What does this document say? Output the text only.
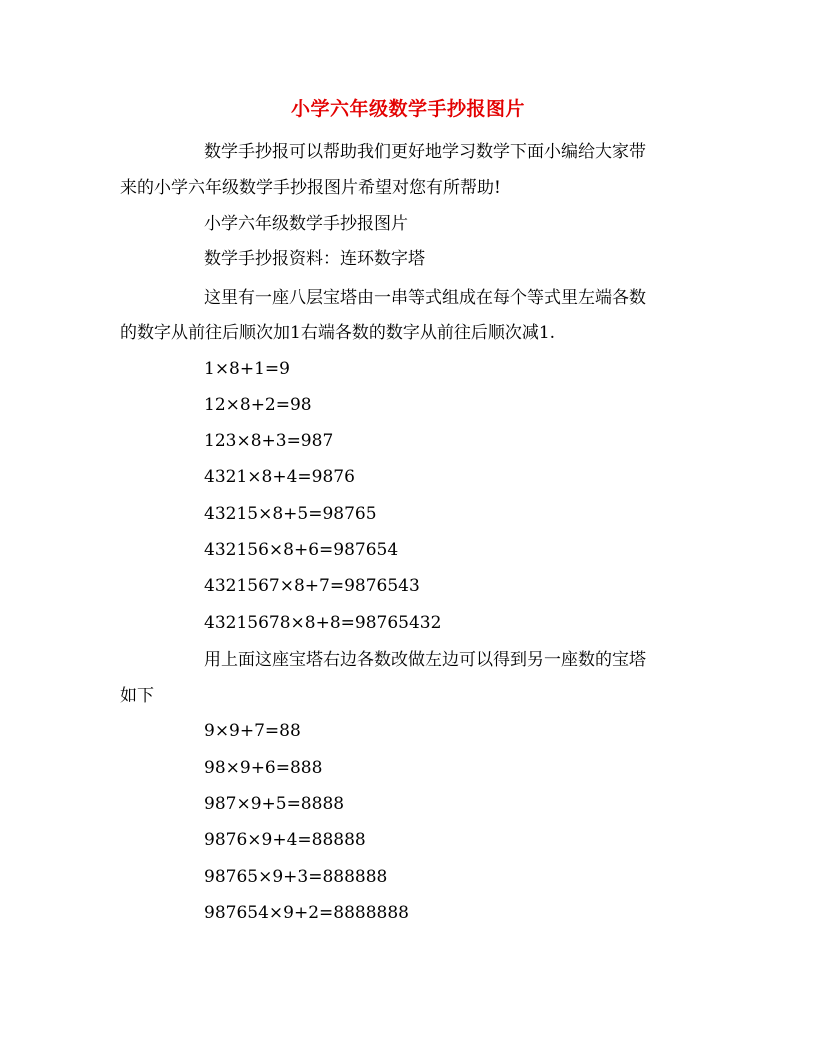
小学六年级数学手抄报图片
数学手抄报可以帮助我们更好地学习数学下面小编给大家带
来的小学六年级数学手抄报图片希望对您有所帮助!
小学六年级数学手抄报图片
数学手抄报资料：连环数字塔
这里有一座八层宝塔由一串等式组成在每个等式里左端各数
的数字从前往后顺次加1右端各数的数字从前往后顺次减1.
1×8+1=9
12×8+2=98
123×8+3=987
4321×8+4=9876
43215×8+5=98765
432156×8+6=987654
4321567×8+7=9876543
43215678×8+8=98765432
用上面这座宝塔右边各数改做左边可以得到另一座数的宝塔
如下
9×9+7=88
98×9+6=888
987×9+5=8888
9876×9+4=88888
98765×9+3=888888
987654×9+2=8888888
